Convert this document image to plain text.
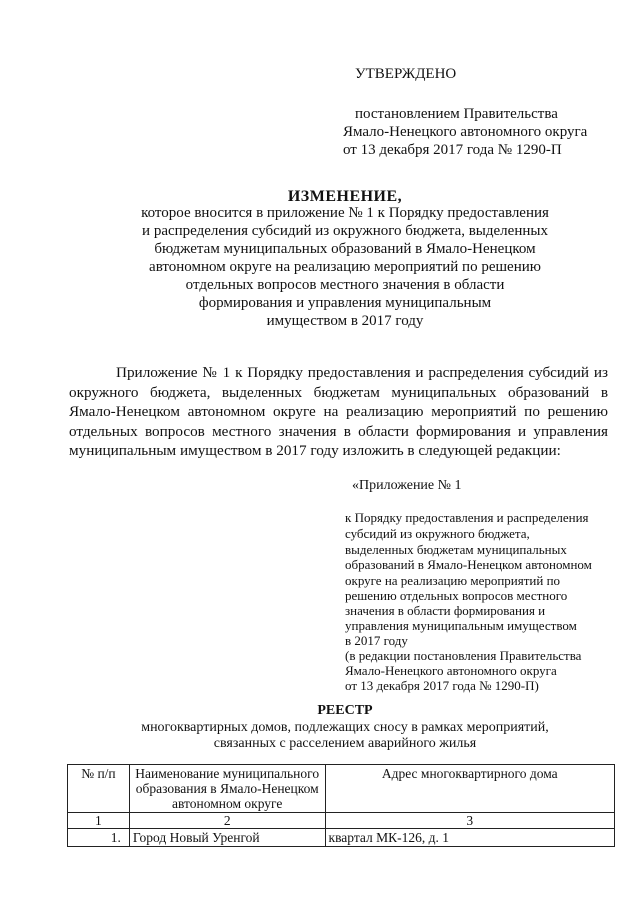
УТВЕРЖДЕНО
постановлением Правительства
Ямало-Ненецкого автономного округа
от 13 декабря 2017 года № 1290-П
ИЗМЕНЕНИЕ,
которое вносится в приложение № 1 к Порядку предоставления
и распределения субсидий из окружного бюджета, выделенных
бюджетам муниципальных образований в Ямало-Ненецком
автономном округе на реализацию мероприятий по решению
отдельных вопросов местного значения в области
формирования и управления муниципальным
имуществом в 2017 году
Приложение № 1 к Порядку предоставления и распределения субсидий из
окружного бюджета, выделенных бюджетам муниципальных образований в
Ямало-Ненецком автономном округе на реализацию мероприятий по решению
отдельных вопросов местного значения в области формирования и управления
муниципальным имуществом в 2017 году изложить в следующей редакции:
«Приложение № 1
к Порядку предоставления и распределения
субсидий из окружного бюджета,
выделенных бюджетам муниципальных
образований в Ямало-Ненецком автономном
округе на реализацию мероприятий по
решению отдельных вопросов местного
значения в области формирования и
управления муниципальным имуществом
в 2017 году
(в редакции постановления Правительства
Ямало-Ненецкого автономного округа
от 13 декабря 2017 года № 1290-П)
РЕЕСТР
многоквартирных домов, подлежащих сносу в рамках мероприятий,
связанных с расселением аварийного жилья
№ п/п	Наименование муниципального образования в Ямало-Ненецком автономном округе	Адрес многоквартирного дома
1	2	3
1.	Город Новый Уренгой	квартал МК-126, д. 1
